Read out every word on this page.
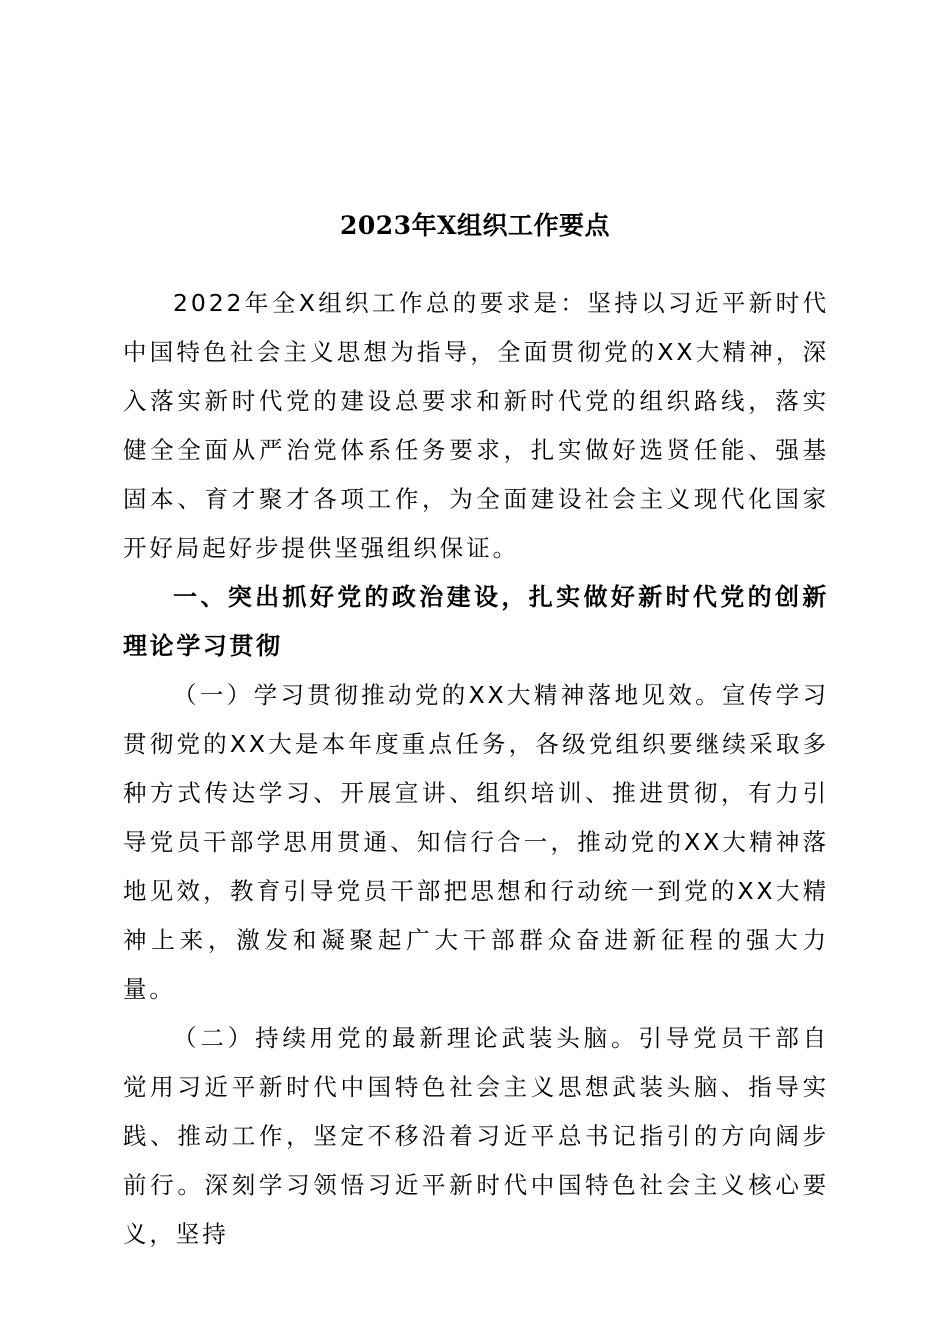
2023年X组织工作要点

2022年全X组织工作总的要求是：坚持以习近平新时代中国特色社会主义思想为指导，全面贯彻党的XX大精神，深入落实新时代党的建设总要求和新时代党的组织路线，落实健全全面从严治党体系任务要求，扎实做好选贤任能、强基固本、育才聚才各项工作，为全面建设社会主义现代化国家开好局起好步提供坚强组织保证。

一、突出抓好党的政治建设，扎实做好新时代党的创新理论学习贯彻

（一）学习贯彻推动党的XX大精神落地见效。宣传学习贯彻党的XX大是本年度重点任务，各级党组织要继续采取多种方式传达学习、开展宣讲、组织培训、推进贯彻，有力引导党员干部学思用贯通、知信行合一，推动党的XX大精神落地见效，教育引导党员干部把思想和行动统一到党的XX大精神上来，激发和凝聚起广大干部群众奋进新征程的强大力量。

（二）持续用党的最新理论武装头脑。引导党员干部自觉用习近平新时代中国特色社会主义思想武装头脑、指导实践、推动工作，坚定不移沿着习近平总书记指引的方向阔步前行。深刻学习领悟习近平新时代中国特色社会主义核心要义，坚持
